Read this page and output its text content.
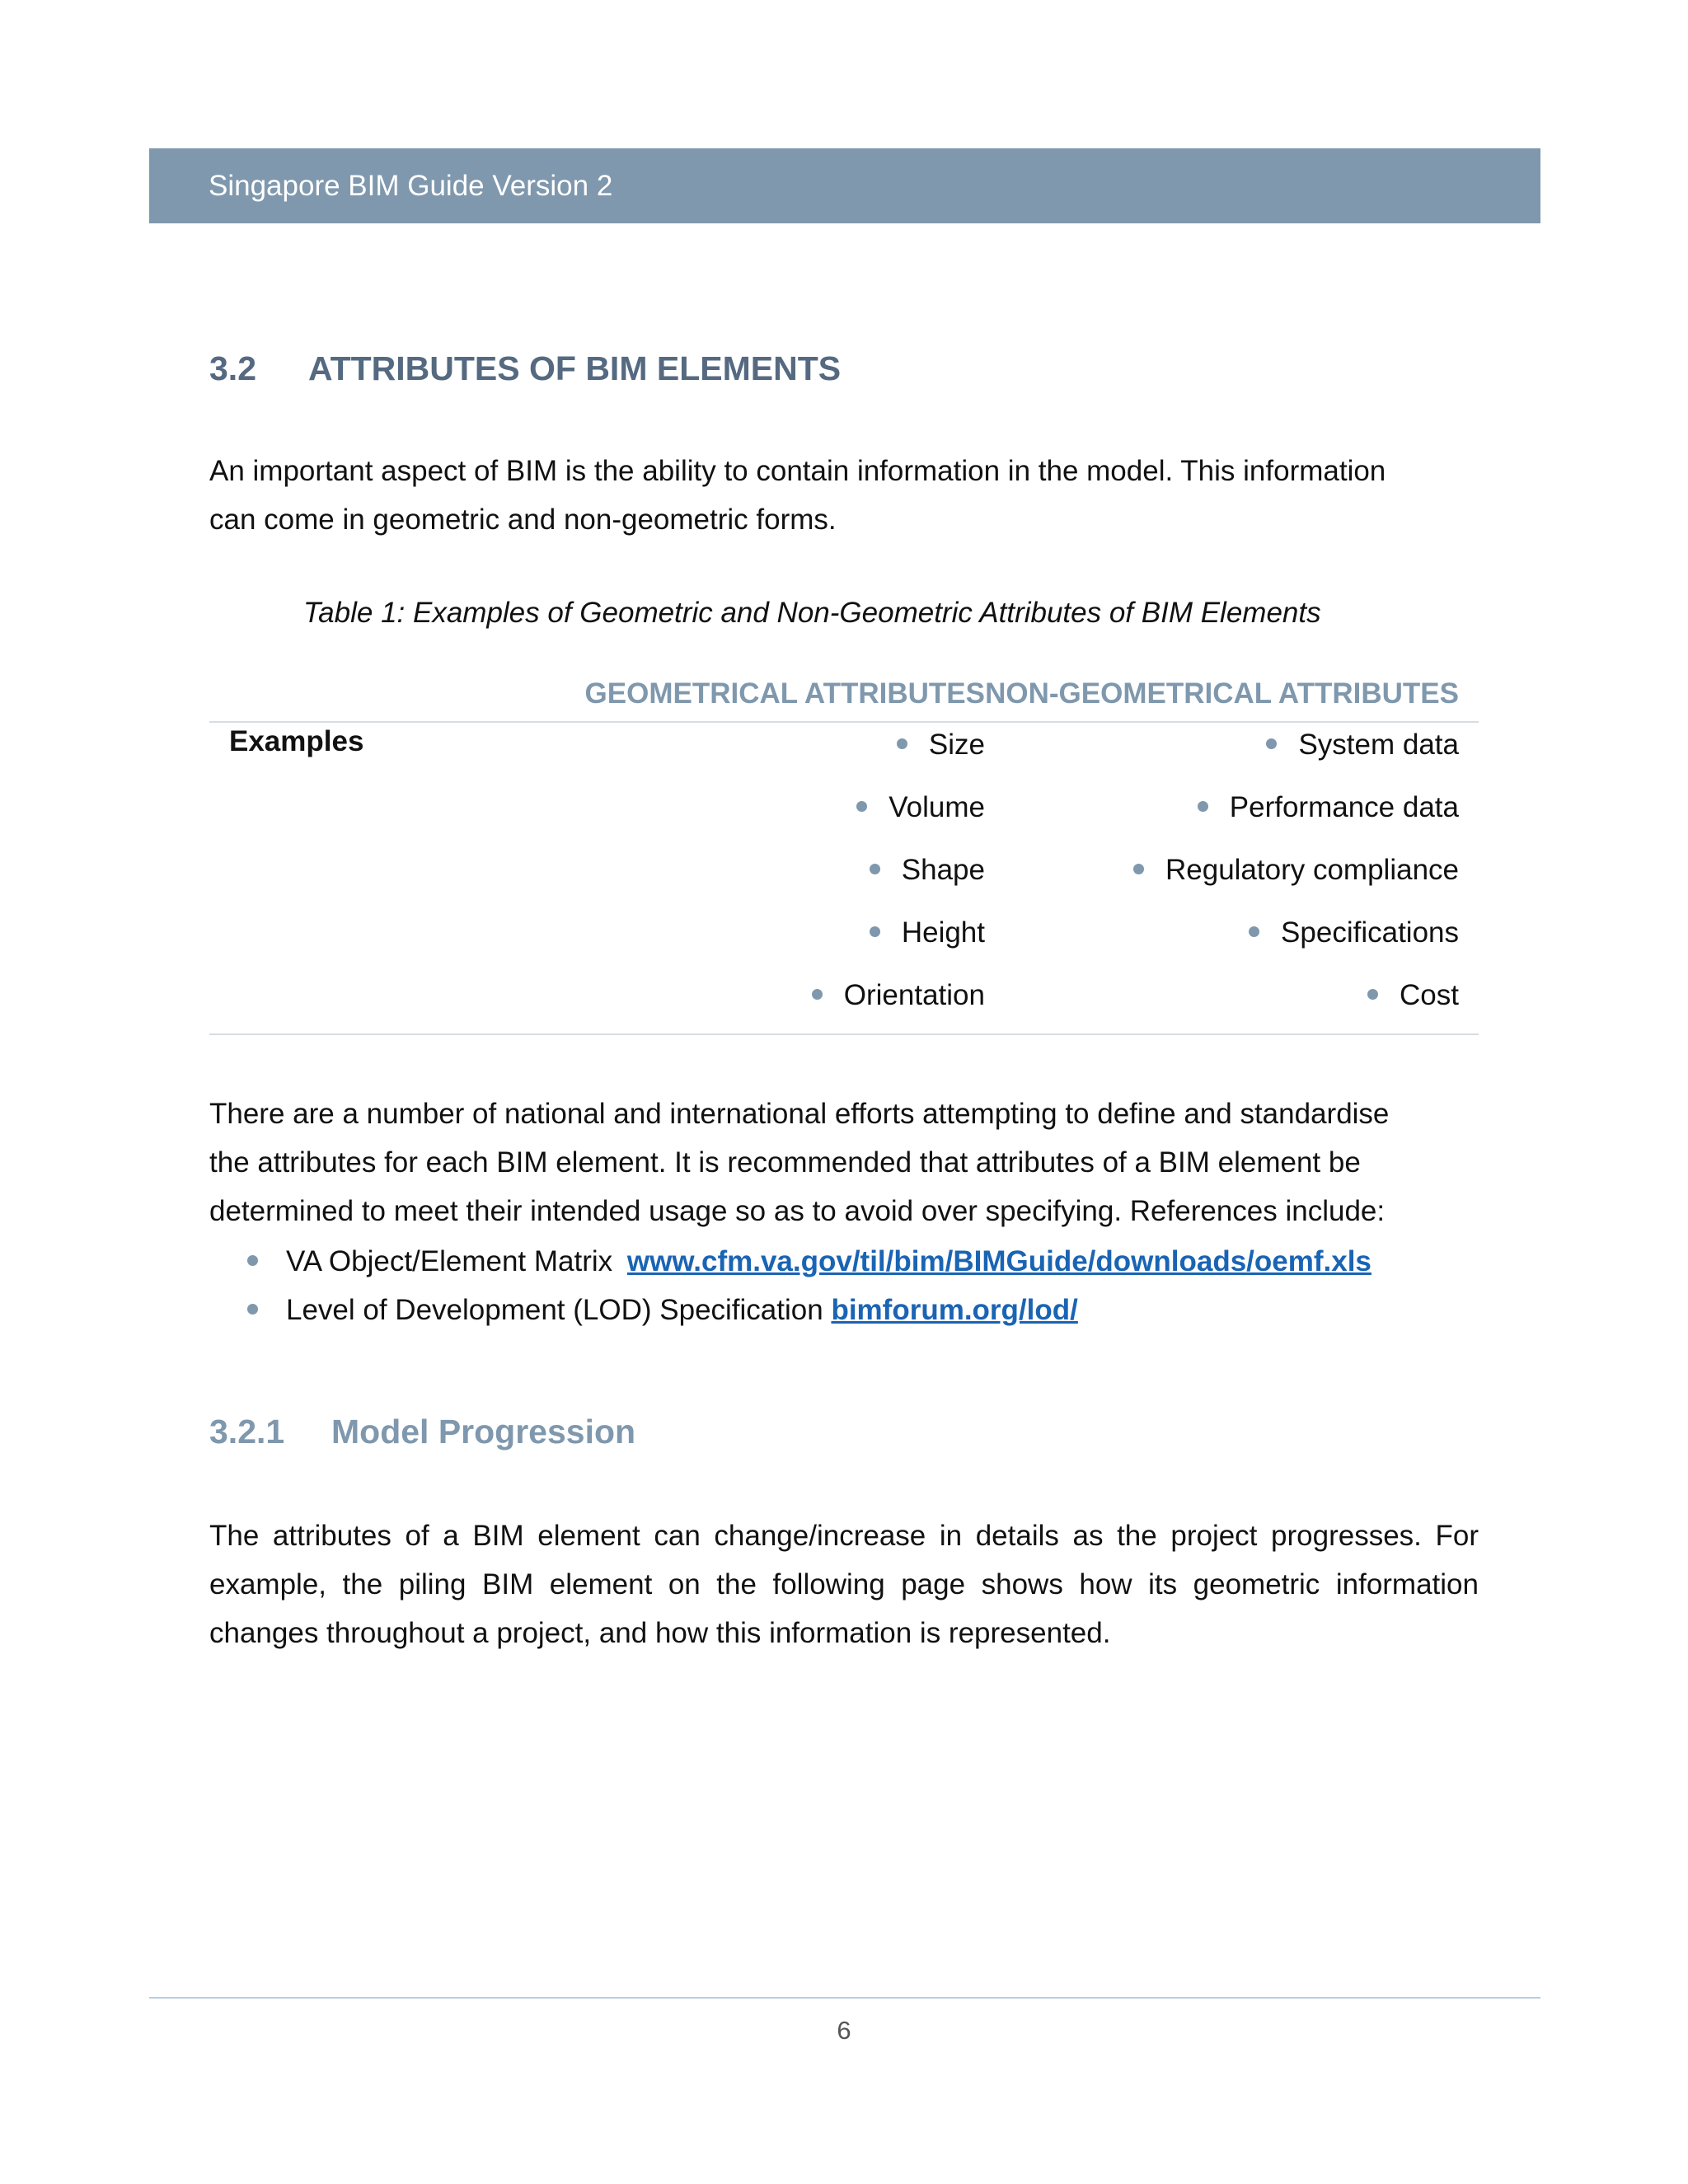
Singapore BIM Guide Version 2
3.2 ATTRIBUTES OF BIM ELEMENTS
An important aspect of BIM is the ability to contain information in the model. This information
can come in geometric and non-geometric forms.
Table 1: Examples of Geometric and Non-Geometric Attributes of BIM Elements
GEOMETRICAL ATTRIBUTES NON-GEOMETRICAL ATTRIBUTES
Examples	Size
Volume
Shape
Height
Orientation
System data
Performance data
Regulatory compliance
Specifications
Cost
There are a number of national and international efforts attempting to define and standardise
the attributes for each BIM element. It is recommended that attributes of a BIM element be
determined to meet their intended usage so as to avoid over specifying. References include:
VA Object/Element Matrix www.cfm.va.gov/til/bim/BIMGuide/downloads/oemf.xls
Level of Development (LOD) Specification bimforum.org/lod/
3.2.1 Model Progression
The attributes of a BIM element can change/increase in details as the project progresses. For
example, the piling BIM element on the following page shows how its geometric information
changes throughout a project, and how this information is represented.
6
